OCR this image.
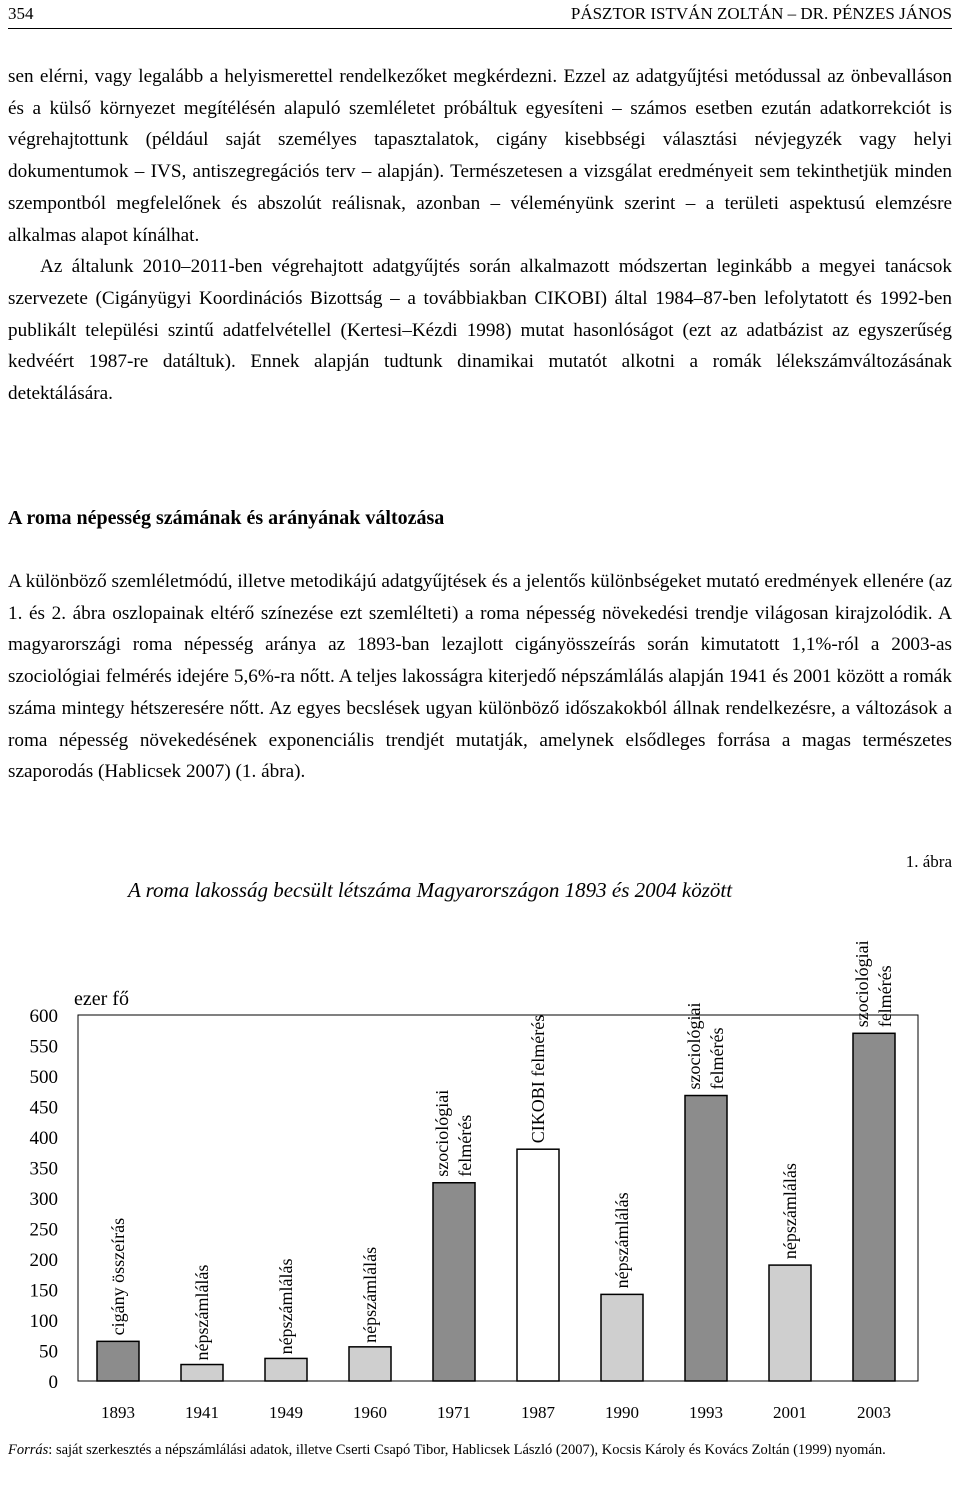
354	PÁSZTOR ISTVÁN ZOLTÁN – DR. PÉNZES JÁNOS

sen elérni, vagy legalább a helyismerettel rendelkezőket megkérdezni. Ezzel az adatgyűjtési metódussal az önbevalláson és a külső környezet megítélésén alapuló szemléletet próbáltuk egyesíteni – számos esetben ezután adatkorrekciót is végrehajtottunk (például saját személyes tapasztalatok, cigány kisebbségi választási névjegyzék vagy helyi dokumentumok – IVS, antiszegregációs terv – alapján). Természetesen a vizsgálat eredményeit sem tekinthetjük minden szempontból megfelelőnek és abszolút reálisnak, azonban – véleményünk szerint – a területi aspektusú elemzésre alkalmas alapot kínálhat.

Az általunk 2010–2011-ben végrehajtott adatgyűjtés során alkalmazott módszertan leginkább a megyei tanácsok szervezete (Cigányügyi Koordinációs Bizottság – a továbbiakban CIKOBI) által 1984–87-ben lefolytatott és 1992-ben publikált települési szintű adatfelvétellel (Kertesi–Kézdi 1998) mutat hasonlóságot (ezt az adatbázist az egyszerűség kedvéért 1987-re datáltuk). Ennek alapján tudtunk dinamikai mutatót alkotni a romák lélekszámváltozásának detektálására.

A roma népesség számának és arányának változása

A különböző szemléletmódú, illetve metodikájú adatgyűjtések és a jelentős különbségeket mutató eredmények ellenére (az 1. és 2. ábra oszlopainak eltérő színezése ezt szemlélteti) a roma népesség növekedési trendje világosan kirajzolódik. A magyarországi roma népesség aránya az 1893-ban lezajlott cigányösszeírás során kimutatott 1,1%-ról a 2003-as szociológiai felmérés idejére 5,6%-ra nőtt. A teljes lakosságra kiterjedő népszámlálás alapján 1941 és 2001 között a romák száma mintegy hétszeresére nőtt. Az egyes becslések ugyan különböző időszakokból állnak rendelkezésre, a változások a roma népesség növekedésének exponenciális trendjét mutatják, amelynek elsődleges forrása a magas természetes szaporodás (Hablicsek 2007) (1. ábra).

1. ábra
A roma lakosság becsült létszáma Magyarországon 1893 és 2004 között
600
550
500
450
400
350
300
250
200
150
100
50
0
ezer fő
1893
cigány összeírás
1941
népszámlálás
1949
népszámlálás
1960
népszámlálás
1971
szociológiai felmérés
1987
CIKOBI felmérés
1990
népszámlálás
1993
szociológiai felmérés
2001
népszámlálás
2003
szociológiai felmérés
Forrás: saját szerkesztés a népszámlálási adatok, illetve Cserti Csapó Tibor, Hablicsek László (2007), Kocsis Károly és Kovács Zoltán (1999) nyomán.
